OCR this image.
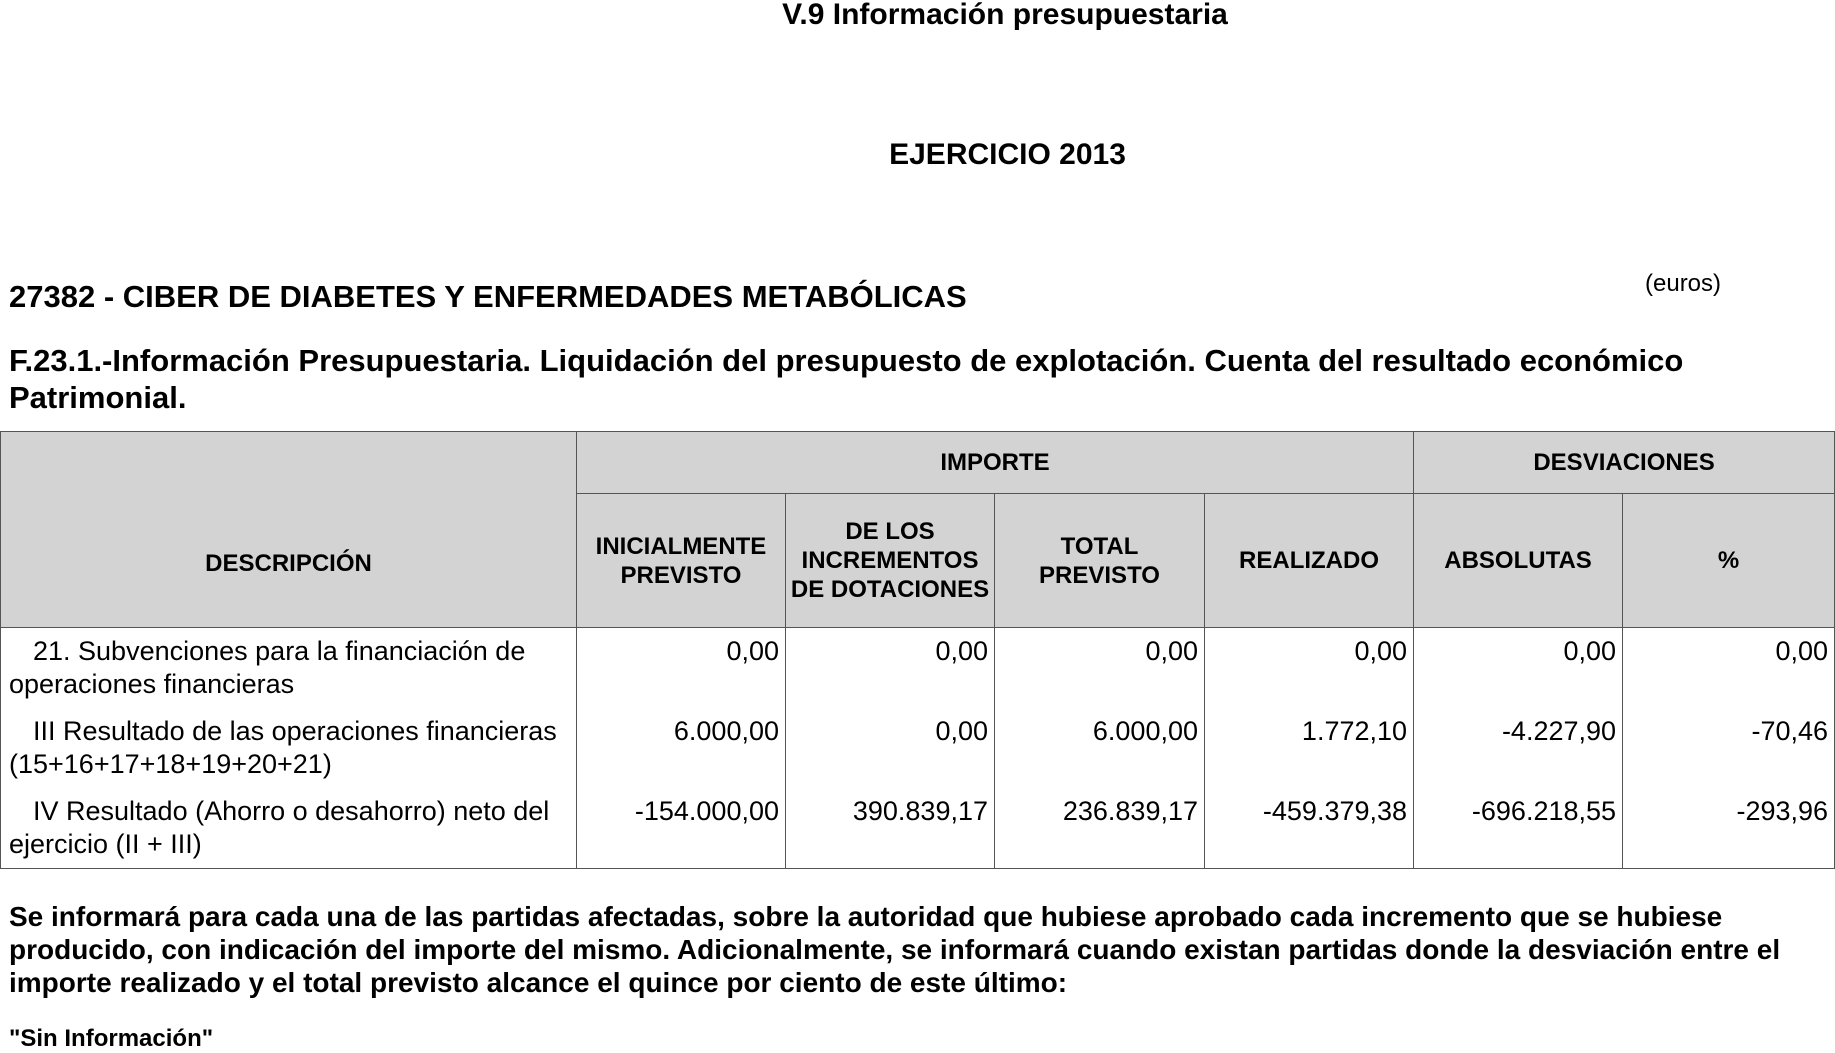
V.9 Información presupuestaria
EJERCICIO 2013
27382 - CIBER DE DIABETES Y ENFERMEDADES METABÓLICAS	(euros)
F.23.1.-Información Presupuestaria. Liquidación del presupuesto de explotación. Cuenta del resultado económico Patrimonial.
DESCRIPCIÓN	IMPORTE				DESVIACIONES	
	INICIALMENTE PREVISTO	DE LOS INCREMENTOS DE DOTACIONES	TOTAL PREVISTO	REALIZADO	ABSOLUTAS	%

21. Subvenciones para la financiación de operaciones financieras	0,00	0,00	0,00	0,00	0,00	0,00

III Resultado de las operaciones financieras (15+16+17+18+19+20+21)	6.000,00	0,00	6.000,00	1.772,10	-4.227,90	-70,46

IV Resultado (Ahorro o desahorro) neto del ejercicio (II + III)	-154.000,00	390.839,17	236.839,17	-459.379,38	-696.218,55	-293,96
Se informará para cada una de las partidas afectadas, sobre la autoridad que hubiese aprobado cada incremento que se hubiese producido, con indicación del importe del mismo. Adicionalmente, se informará cuando existan partidas donde la desviación entre el importe realizado y el total previsto alcance el quince por ciento de este último:
"Sin Información"
